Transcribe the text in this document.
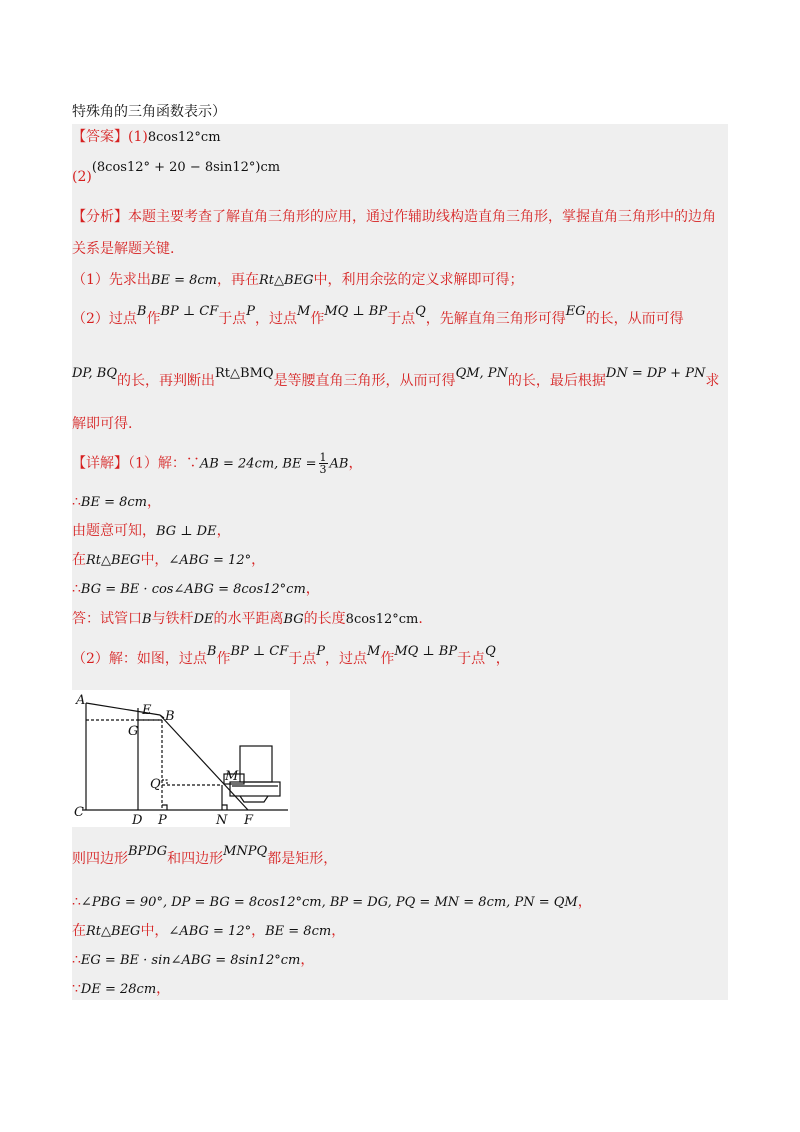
特殊角的三角函数表示）
【答案】(1)8cos12°cm
(2)(8cos12° + 20 − 8sin12°)cm
【分析】本题主要考查了解直角三角形的应用，通过作辅助线构造直角三角形，掌握直角三角形中的边角
关系是解题关键.
（1）先求出BE = 8cm，再在Rt△BEG中，利用余弦的定义求解即可得；
（2）过点B作BP ⊥ CF于点P，过点M作MQ ⊥ BP于点Q，先解直角三角形可得EG的长，从而可得
DP, BQ的长，再判断出Rt△BMQ是等腰直角三角形，从而可得QM, PN的长，最后根据DN = DP + PN求
解即可得.
【详解】（1）解：∵AB = 24cm, BE = $\frac{1}{3}$ AB，
∴BE = 8cm，
由题意可知，BG ⊥ DE，
在Rt△BEG中，∠ABG = 12°，
∴BG = BE · cos∠ABG = 8cos12°cm，
答：试管口B与铁杆DE的水平距离BG的长度8cos12°cm.
（2）解：如图，过点B作BP ⊥ CF于点P，过点M作MQ ⊥ BP于点Q，
A
E B
G
Q
M
C
D P	N F
则四边形BPDG和四边形MNPQ都是矩形，
∴∠PBG = 90°, DP = BG = 8cos12°cm, BP = DG, PQ = MN = 8cm, PN = QM，
在Rt△BEG中，∠ABG = 12°，BE = 8cm，
∴EG = BE · sin∠ABG = 8sin12°cm，
∵DE = 28cm，
